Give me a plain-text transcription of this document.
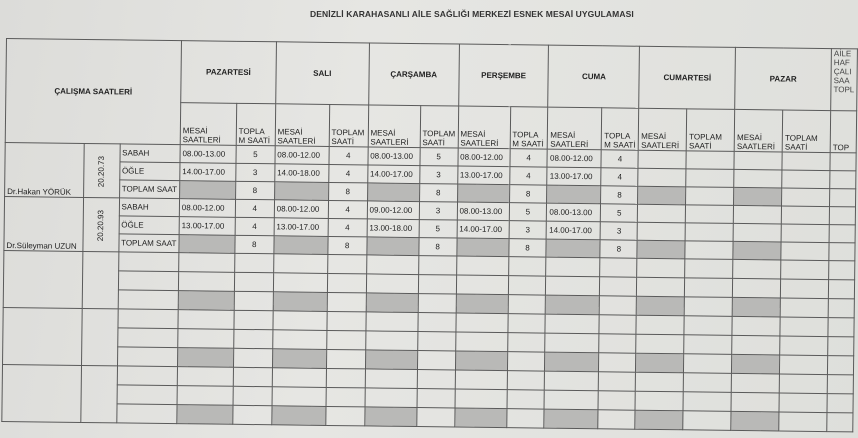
DENİZLİ KARAHASANLI AİLE SAĞLIĞI MERKEZİ ESNEK MESAİ UYGULAMASI
ÇALIŞMA SAATLERİ			PAZARTESİ		SALI		ÇARŞAMBA		PERŞEMBE		CUMA		CUMARTESİ		PAZAR		AİLE HAF ÇALI SAA TOPL
			MESAİ SAATLERİ	TOPLA M SAATİ	MESAİ SAATLERİ	TOPLAM SAATİ	MESAİ SAATLERİ	TOPLAM SAATİ	MESAİ SAATLERİ	TOPLA M SAATİ	MESAİ SAATLERİ	TOPLA M SAATİ	MESAİ SAATLERİ	TOPLAM SAATİ	MESAİ SAATLERİ	TOPLAM SAATİ	TOP
Dr.Hakan YÖRÜK	20.20.73	SABAH	08.00-13.00	5	08.00-12.00	4	08.00-13.00	5	08.00-12.00	4	08.00-12.00	4					
		ÖĞLE	14.00-17.00	3	14.00-18.00	4	14.00-17.00	3	13.00-17.00	4	13.00-17.00	4					
		TOPLAM SAAT		8		8		8		8		8					
Dr.Süleyman UZUN	20.20.93	SABAH	08.00-12.00	4	08.00-12.00	4	09.00-12.00	3	08.00-13.00	5	08.00-13.00	5					
		ÖĞLE	13.00-17.00	4	13.00-17.00	4	13.00-18.00	5	14.00-17.00	3	14.00-17.00	3					
		TOPLAM SAAT		8		8		8		8		8					
